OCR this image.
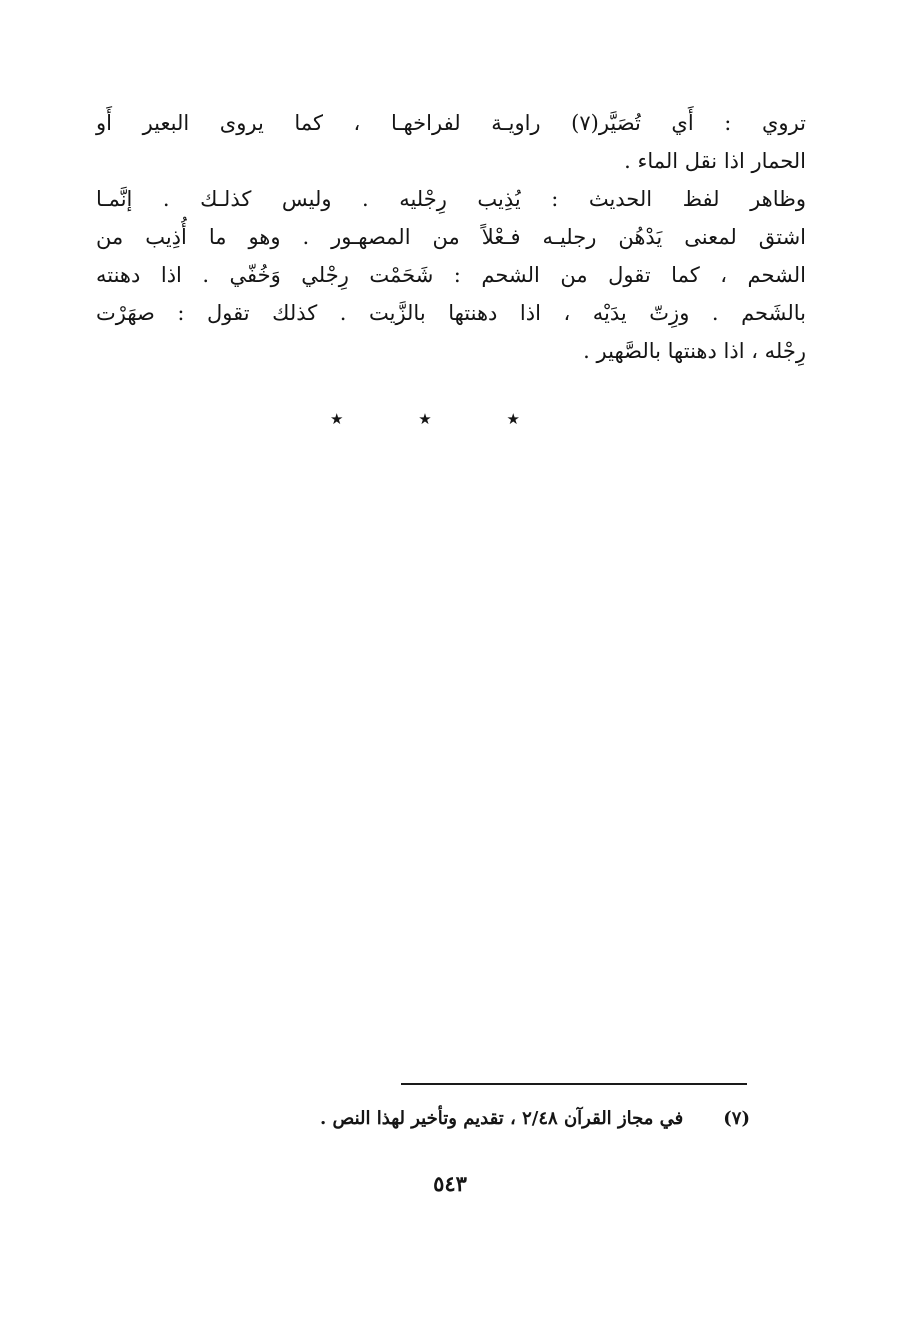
تروي : أَي تُصَيَّر(٧) راويـة لفراخهـا ، كما يروى البعير أَو
الحمار اذا نقل الماء .
وظاهر لفظ الحديث : يُذِيب رِجْليه . وليس كذلـك . إنَّمـا
اشتق لمعنى يَدْهُن رجليـه فـعْلاً من المصهـور . وهو ما أُذِيب من
الشحم ، كما تقول من الشحم : شَحَمْت رِجْلي وَخُفّي . اذا دهنته
بالشَحم . وزِتّ يدَيْه ، اذا دهنتها بالزَّيت . كذلك تقول : صهَرْت
رِجْله ، اذا دهنتها بالصَّهير .
★	★	★
(٧)
في مجاز القرآن ٢/٤٨ ، تقديم وتأخير لهذا النص .
٥٤٣
